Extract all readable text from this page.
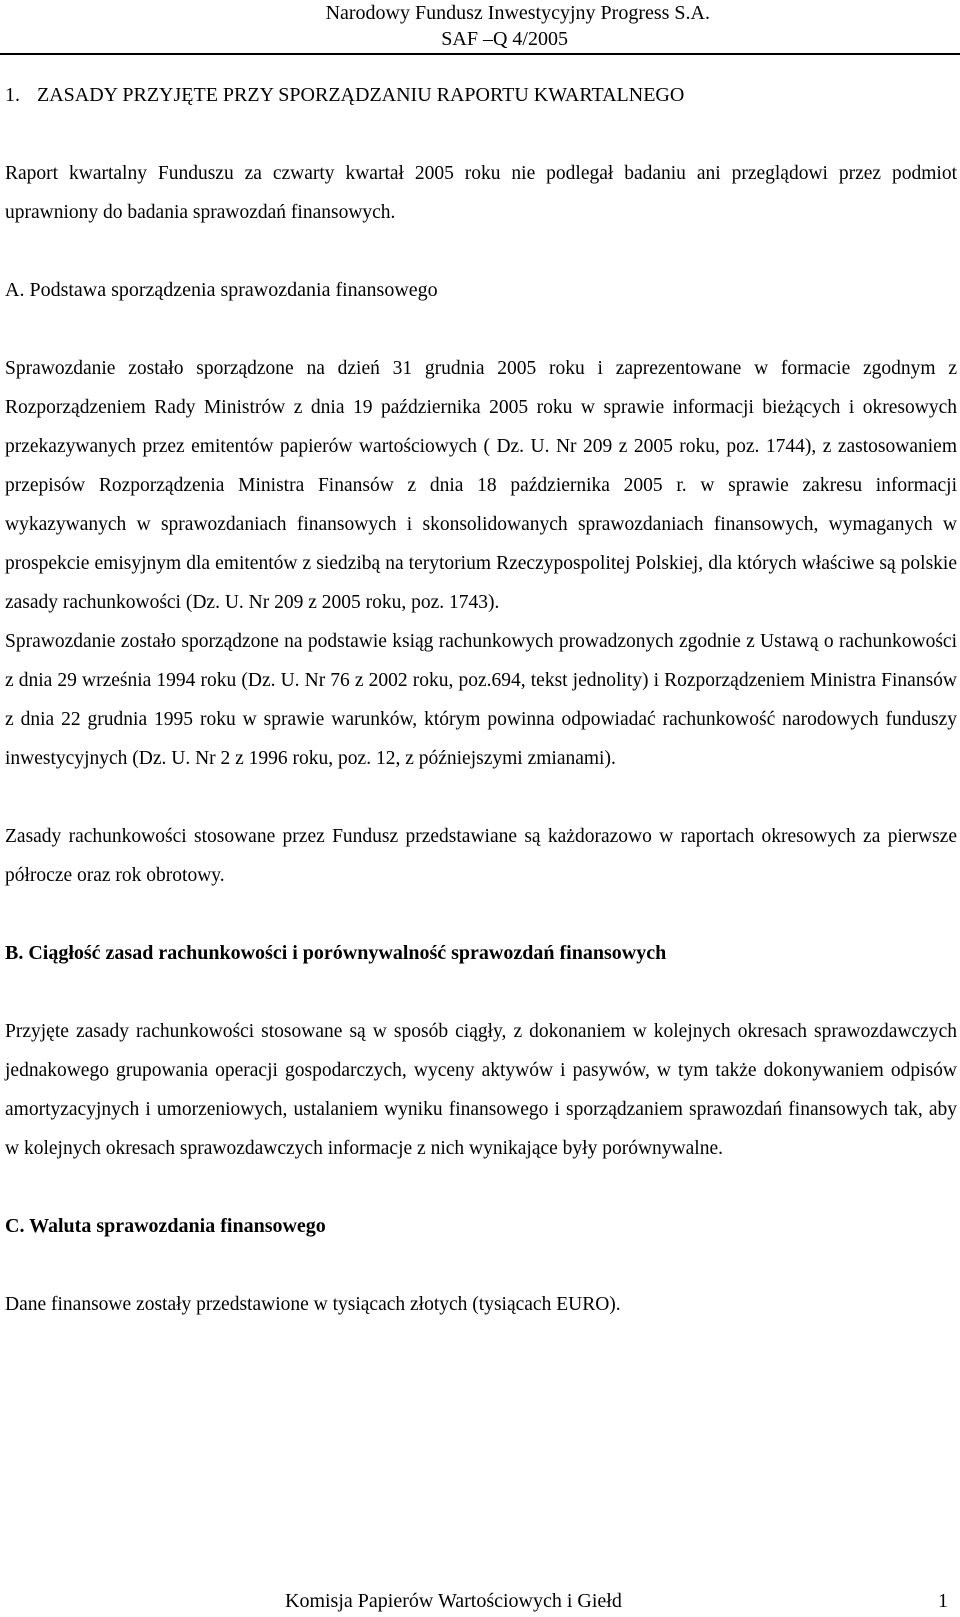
Narodowy Fundusz Inwestycyjny Progress S.A.
SAF –Q 4/2005
1. ZASADY PRZYJĘTE PRZY SPORZĄDZANIU RAPORTU KWARTALNEGO

Raport kwartalny Funduszu za czwarty kwartał 2005 roku nie podlegał badaniu ani przeglądowi przez podmiot uprawniony do badania sprawozdań finansowych.

A. Podstawa sporządzenia sprawozdania finansowego

Sprawozdanie zostało sporządzone na dzień 31 grudnia 2005 roku i zaprezentowane w formacie zgodnym z Rozporządzeniem Rady Ministrów z dnia 19 października 2005 roku w sprawie informacji bieżących i okresowych przekazywanych przez emitentów papierów wartościowych ( Dz. U. Nr 209 z 2005 roku, poz. 1744), z zastosowaniem przepisów Rozporządzenia Ministra Finansów z dnia 18 października 2005 r. w sprawie zakresu informacji wykazywanych w sprawozdaniach finansowych i skonsolidowanych sprawozdaniach finansowych, wymaganych w prospekcie emisyjnym dla emitentów z siedzibą na terytorium Rzeczypospolitej Polskiej, dla których właściwe są polskie zasady rachunkowości (Dz. U. Nr 209 z 2005 roku, poz. 1743).

Sprawozdanie zostało sporządzone na podstawie ksiąg rachunkowych prowadzonych zgodnie z Ustawą o rachunkowości z dnia 29 września 1994 roku (Dz. U. Nr 76 z 2002 roku, poz.694, tekst jednolity) i Rozporządzeniem Ministra Finansów z dnia 22 grudnia 1995 roku w sprawie warunków, którym powinna odpowiadać rachunkowość narodowych funduszy inwestycyjnych (Dz. U. Nr 2 z 1996 roku, poz. 12, z późniejszymi zmianami).

Zasady rachunkowości stosowane przez Fundusz przedstawiane są każdorazowo w raportach okresowych za pierwsze półrocze oraz rok obrotowy.

B. Ciągłość zasad rachunkowości i porównywalność sprawozdań finansowych

Przyjęte zasady rachunkowości stosowane są w sposób ciągły, z dokonaniem w kolejnych okresach sprawozdawczych jednakowego grupowania operacji gospodarczych, wyceny aktywów i pasywów, w tym także dokonywaniem odpisów amortyzacyjnych i umorzeniowych, ustalaniem wyniku finansowego i sporządzaniem sprawozdań finansowych tak, aby w kolejnych okresach sprawozdawczych informacje z nich wynikające były porównywalne.

C. Waluta sprawozdania finansowego

Dane finansowe zostały przedstawione w tysiącach złotych (tysiącach EURO).

Komisja Papierów Wartościowych i Giełd	1
